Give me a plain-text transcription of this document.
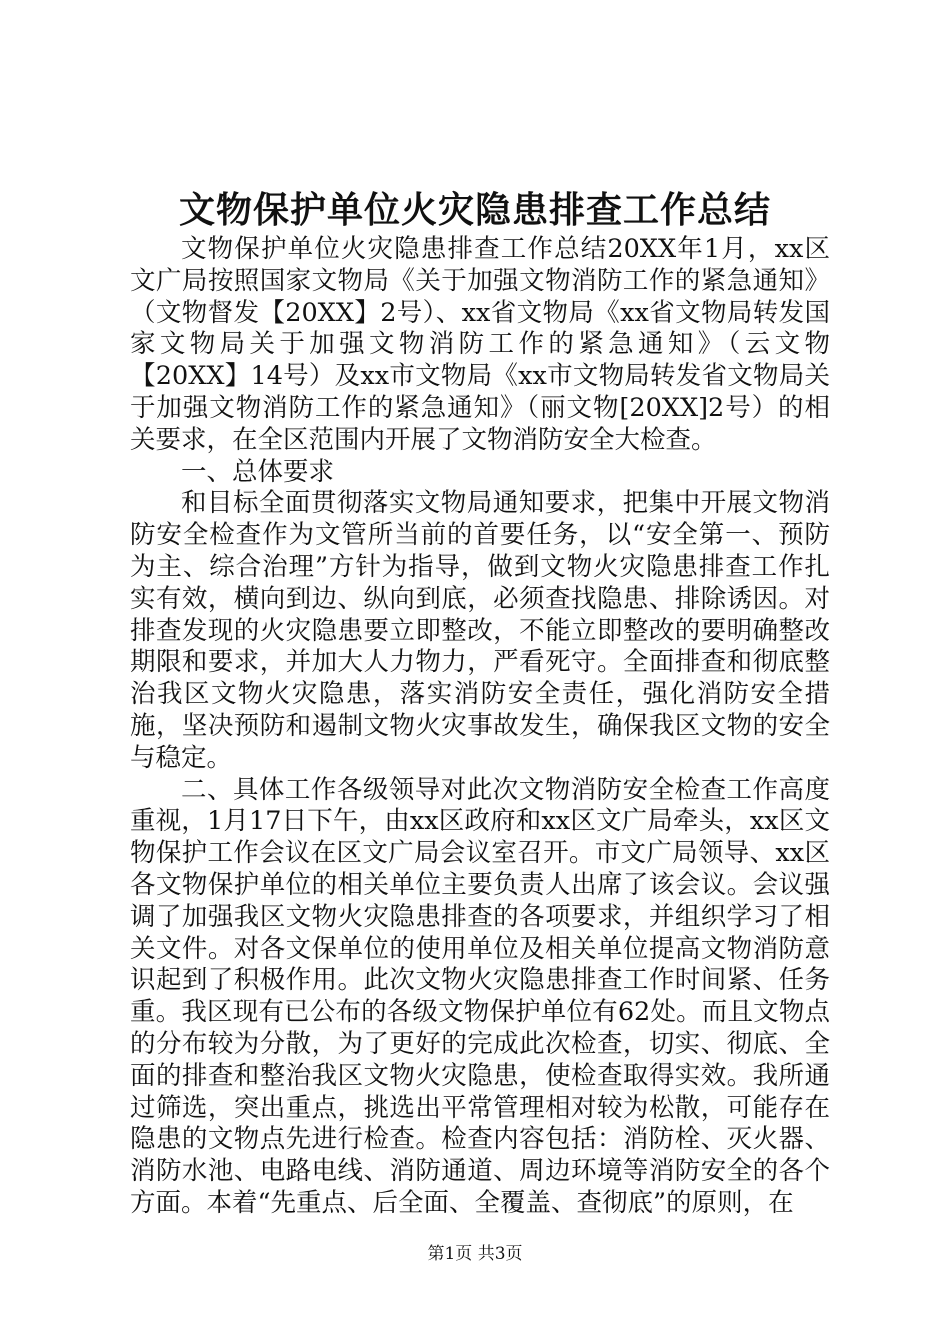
文物保护单位火灾隐患排查工作总结

文物保护单位火灾隐患排查工作总结20XX年1月，xx区文广局按照国家文物局《关于加强文物消防工作的紧急通知》（文物督发【20XX】2号）、xx省文物局《xx省文物局转发国家文物局关于加强文物消防工作的紧急通知》（云文物【20XX】14号）及xx市文物局《xx市文物局转发省文物局关于加强文物消防工作的紧急通知》（丽文物[20XX]2号）的相关要求，在全区范围内开展了文物消防安全大检查。

一、总体要求

和目标全面贯彻落实文物局通知要求，把集中开展文物消防安全检查作为文管所当前的首要任务，以“安全第一、预防为主、综合治理”方针为指导，做到文物火灾隐患排查工作扎实有效，横向到边、纵向到底，必须查找隐患、排除诱因。对排查发现的火灾隐患要立即整改，不能立即整改的要明确整改期限和要求，并加大人力物力，严看死守。全面排查和彻底整治我区文物火灾隐患，落实消防安全责任，强化消防安全措施，坚决预防和遏制文物火灾事故发生，确保我区文物的安全与稳定。

二、具体工作各级领导对此次文物消防安全检查工作高度重视，1月17日下午，由xx区政府和xx区文广局牵头，xx区文物保护工作会议在区文广局会议室召开。市文广局领导、xx区各文物保护单位的相关单位主要负责人出席了该会议。会议强调了加强我区文物火灾隐患排查的各项要求，并组织学习了相关文件。对各文保单位的使用单位及相关单位提高文物消防意识起到了积极作用。此次文物火灾隐患排查工作时间紧、任务重。我区现有已公布的各级文物保护单位有62处。而且文物点的分布较为分散，为了更好的完成此次检查，切实、彻底、全面的排查和整治我区文物火灾隐患，使检查取得实效。我所通过筛选，突出重点，挑选出平常管理相对较为松散，可能存在隐患的文物点先进行检查。检查内容包括：消防栓、灭火器、消防水池、电路电线、消防通道、周边环境等消防安全的各个方面。本着“先重点、后全面、全覆盖、查彻底”的原则，在

第1页 共3页
